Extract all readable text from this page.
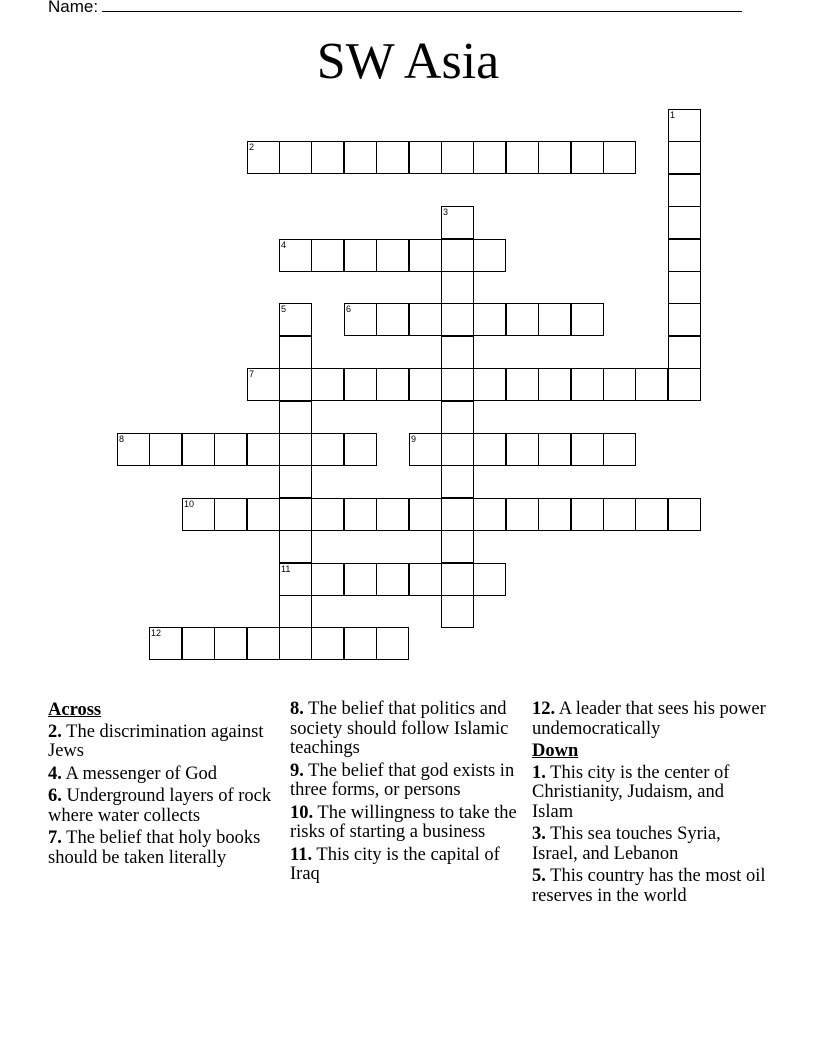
Name:
SW Asia
1
2
3
4
5
11
6
7
8	9
10
12
Across
2. The discrimination against Jews
4. A messenger of God
6. Underground layers of rock where water collects
7. The belief that holy books should be taken literally
8. The belief that politics and society should follow Islamic teachings
9. The belief that god exists in three forms, or persons
10. The willingness to take the risks of starting a business
11. This city is the capital of Iraq
12. A leader that sees his power undemocratically
Down
1. This city is the center of Christianity, Judaism, and Islam
3. This sea touches Syria, Israel, and Lebanon
5. This country has the most oil reserves in the world
